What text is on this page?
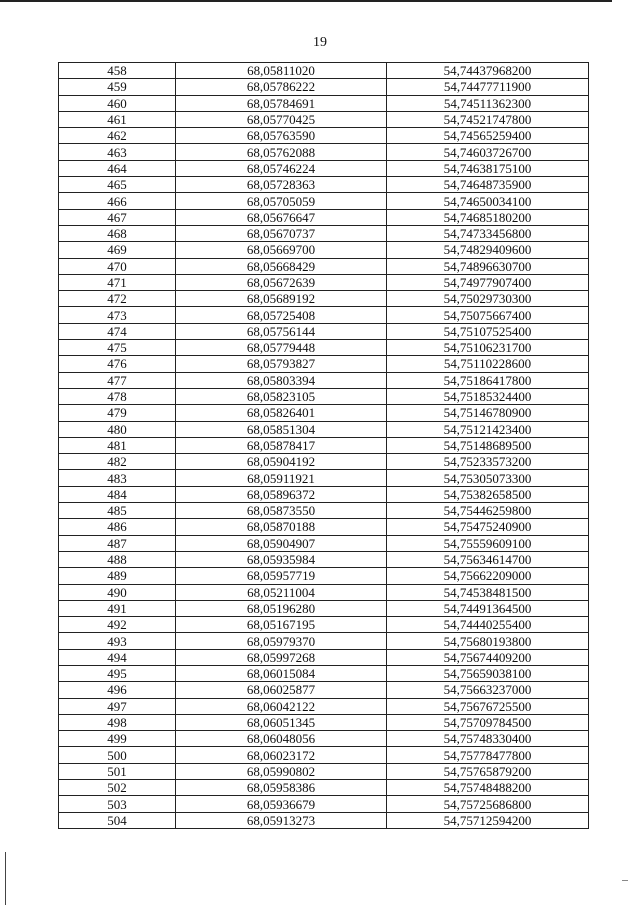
19
458	68,05811020	54,74437968200
459	68,05786222	54,74477711900
460	68,05784691	54,74511362300
461	68,05770425	54,74521747800
462	68,05763590	54,74565259400
463	68,05762088	54,74603726700
464	68,05746224	54,74638175100
465	68,05728363	54,74648735900
466	68,05705059	54,74650034100
467	68,05676647	54,74685180200
468	68,05670737	54,74733456800
469	68,05669700	54,74829409600
470	68,05668429	54,74896630700
471	68,05672639	54,74977907400
472	68,05689192	54,75029730300
473	68,05725408	54,75075667400
474	68,05756144	54,75107525400
475	68,05779448	54,75106231700
476	68,05793827	54,75110228600
477	68,05803394	54,75186417800
478	68,05823105	54,75185324400
479	68,05826401	54,75146780900
480	68,05851304	54,75121423400
481	68,05878417	54,75148689500
482	68,05904192	54,75233573200
483	68,05911921	54,75305073300
484	68,05896372	54,75382658500
485	68,05873550	54,75446259800
486	68,05870188	54,75475240900
487	68,05904907	54,75559609100
488	68,05935984	54,75634614700
489	68,05957719	54,75662209000
490	68,05211004	54,74538481500
491	68,05196280	54,74491364500
492	68,05167195	54,74440255400
493	68,05979370	54,75680193800
494	68,05997268	54,75674409200
495	68,06015084	54,75659038100
496	68,06025877	54,75663237000
497	68,06042122	54,75676725500
498	68,06051345	54,75709784500
499	68,06048056	54,75748330400
500	68,06023172	54,75778477800
501	68,05990802	54,75765879200
502	68,05958386	54,75748488200
503	68,05936679	54,75725686800
504	68,05913273	54,75712594200
